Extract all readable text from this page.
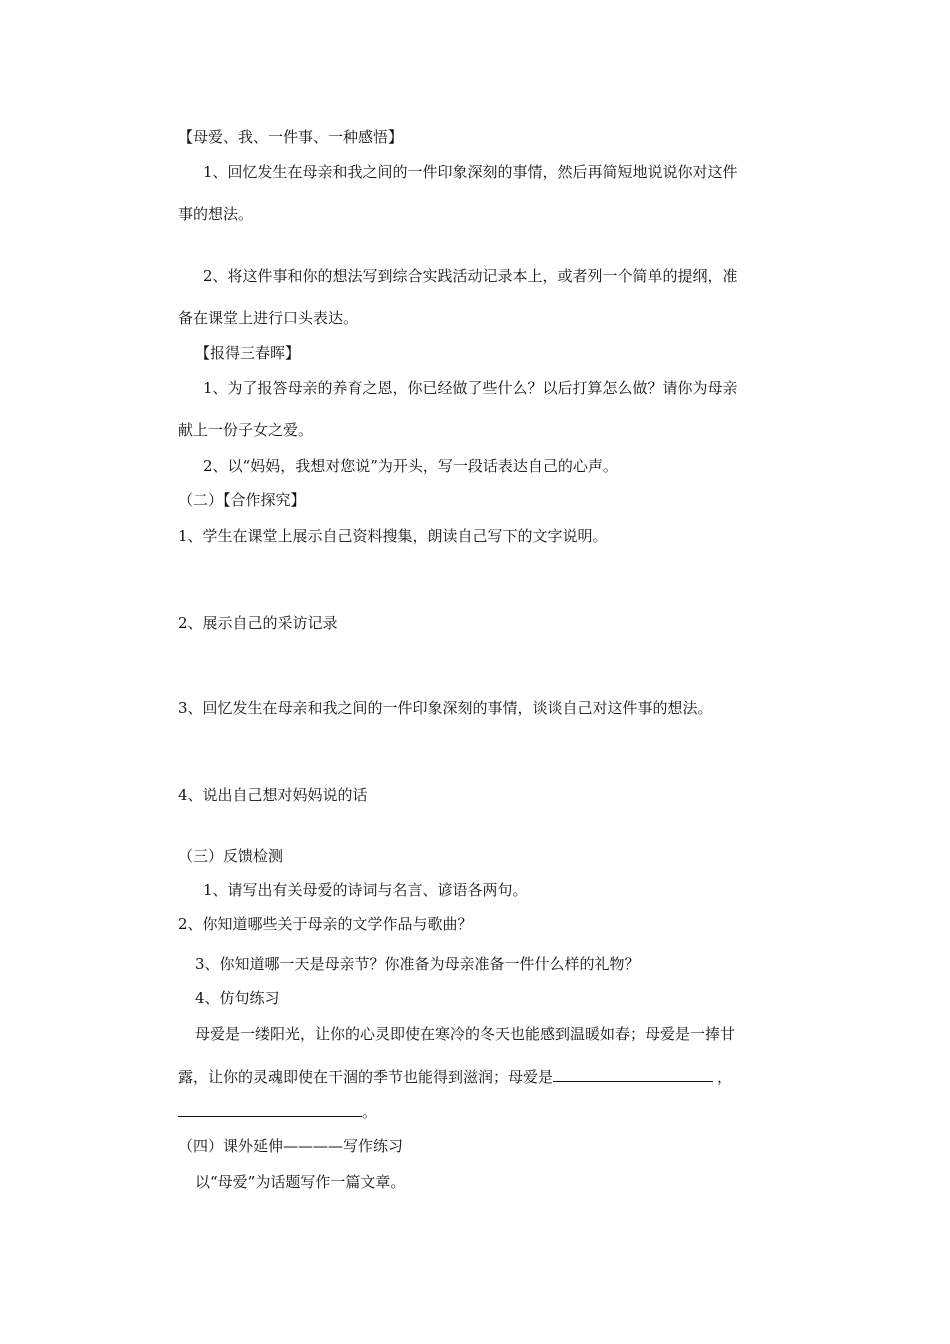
【母爱、我、一件事、一种感悟】
1、回忆发生在母亲和我之间的一件印象深刻的事情，然后再简短地说说你对这件
事的想法。
2、将这件事和你的想法写到综合实践活动记录本上，或者列一个简单的提纲，准
备在课堂上进行口头表达。
【报得三春晖】
1、为了报答母亲的养育之恩，你已经做了些什么？以后打算怎么做？请你为母亲
献上一份子女之爱。
2、以“妈妈，我想对您说”为开头，写一段话表达自己的心声。
（二）【合作探究】
1、学生在课堂上展示自己资料搜集，朗读自己写下的文字说明。
2、展示自己的采访记录
3、回忆发生在母亲和我之间的一件印象深刻的事情，谈谈自己对这件事的想法。
4、说出自己想对妈妈说的话
（三）反馈检测
1、请写出有关母爱的诗词与名言、谚语各两句。
2、你知道哪些关于母亲的文学作品与歌曲？
3、你知道哪一天是母亲节？你准备为母亲准备一件什么样的礼物？
4、仿句练习
母爱是一缕阳光，让你的心灵即使在寒冷的冬天也能感到温暖如春；母爱是一捧甘
露，让你的灵魂即使在干涸的季节也能得到滋润；母爱是	，
。
（四）课外延伸————写作练习
以“母爱”为话题写作一篇文章。
